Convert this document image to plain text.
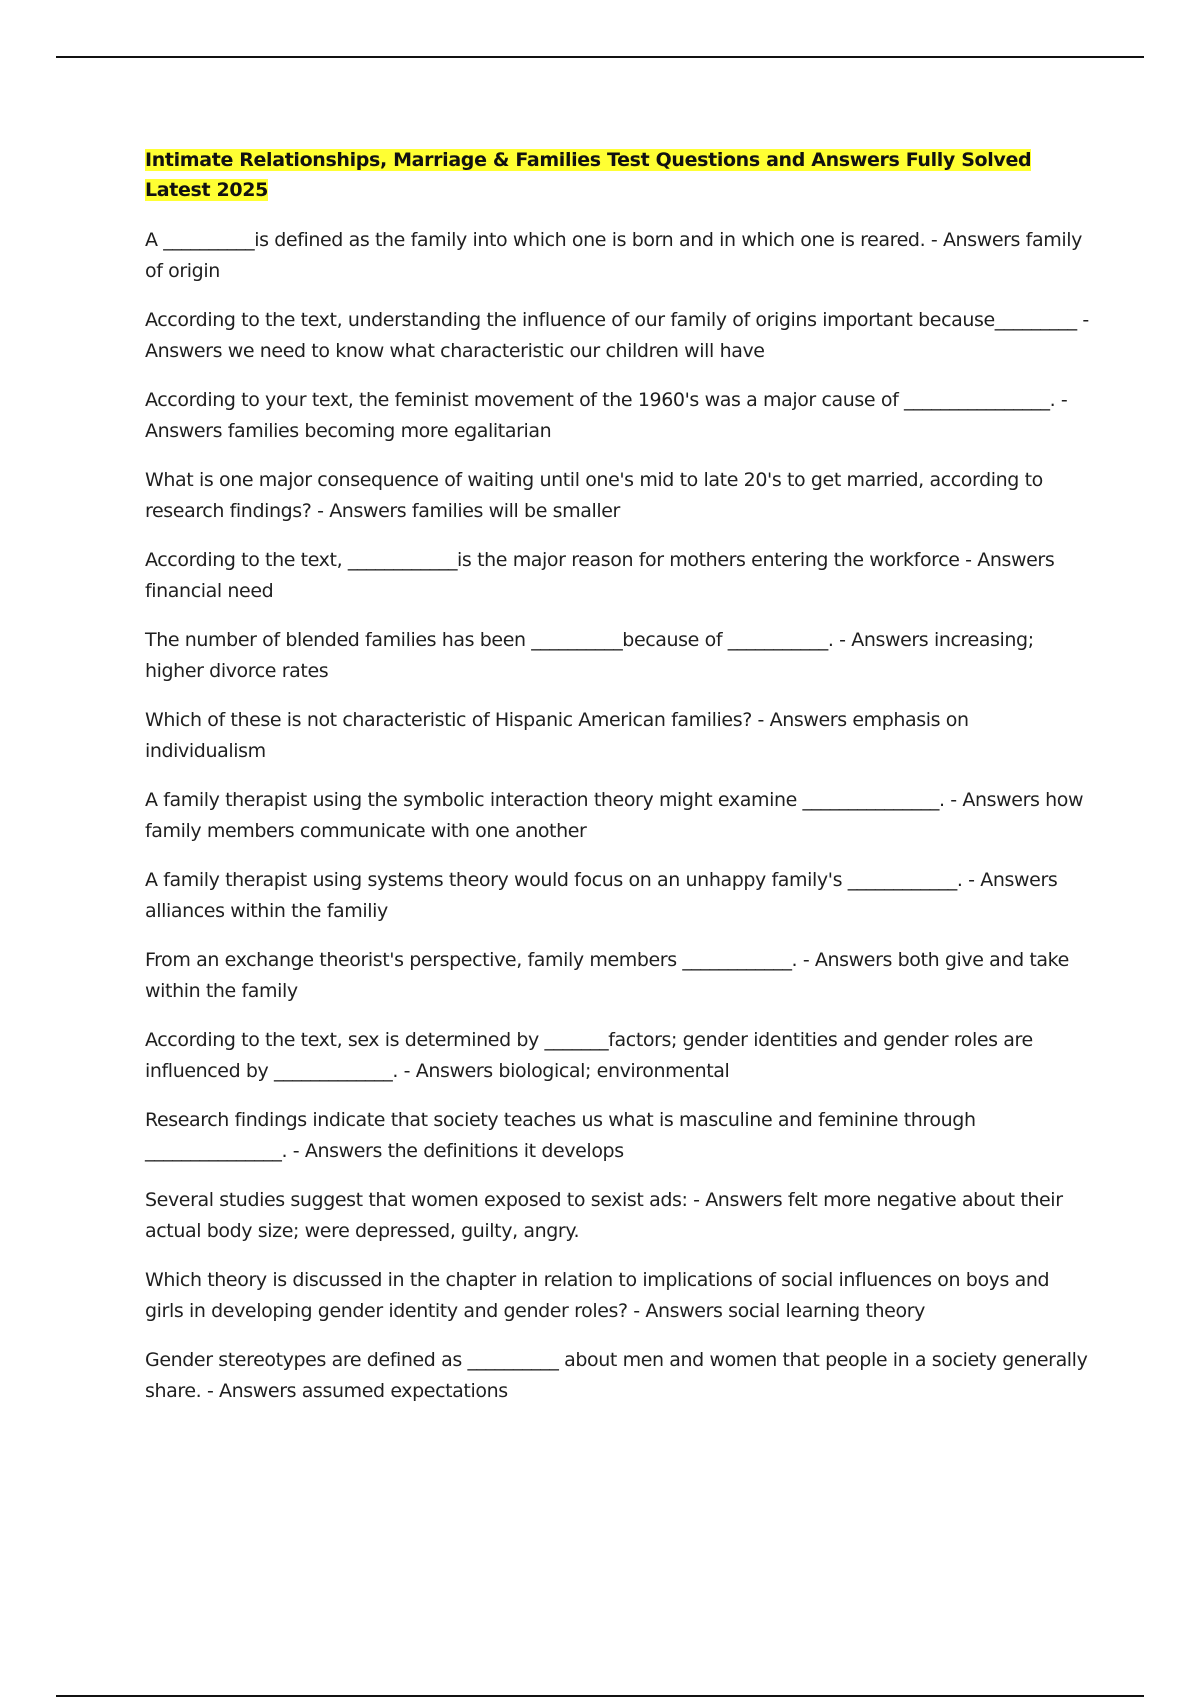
Intimate Relationships, Marriage & Families Test Questions and Answers Fully Solved Latest 2025

A __________is defined as the family into which one is born and in which one is reared. - Answers family of origin

According to the text, understanding the influence of our family of origins important because_________ - Answers we need to know what characteristic our children will have

According to your text, the feminist movement of the 1960's was a major cause of ________________. - Answers families becoming more egalitarian

What is one major consequence of waiting until one's mid to late 20's to get married, according to research findings? - Answers families will be smaller

According to the text, ____________is the major reason for mothers entering the workforce - Answers financial need

The number of blended families has been __________because of ___________. - Answers increasing; higher divorce rates

Which of these is not characteristic of Hispanic American families? - Answers emphasis on individualism

A family therapist using the symbolic interaction theory might examine _______________. - Answers how family members communicate with one another

A family therapist using systems theory would focus on an unhappy family's ____________. - Answers alliances within the familiy

From an exchange theorist's perspective, family members ____________. - Answers both give and take within the family

According to the text, sex is determined by _______factors; gender identities and gender roles are influenced by _____________. - Answers biological; environmental

Research findings indicate that society teaches us what is masculine and feminine through _______________. - Answers the definitions it develops

Several studies suggest that women exposed to sexist ads: - Answers felt more negative about their actual body size; were depressed, guilty, angry.

Which theory is discussed in the chapter in relation to implications of social influences on boys and girls in developing gender identity and gender roles? - Answers social learning theory

Gender stereotypes are defined as __________ about men and women that people in a society generally share. - Answers assumed expectations
